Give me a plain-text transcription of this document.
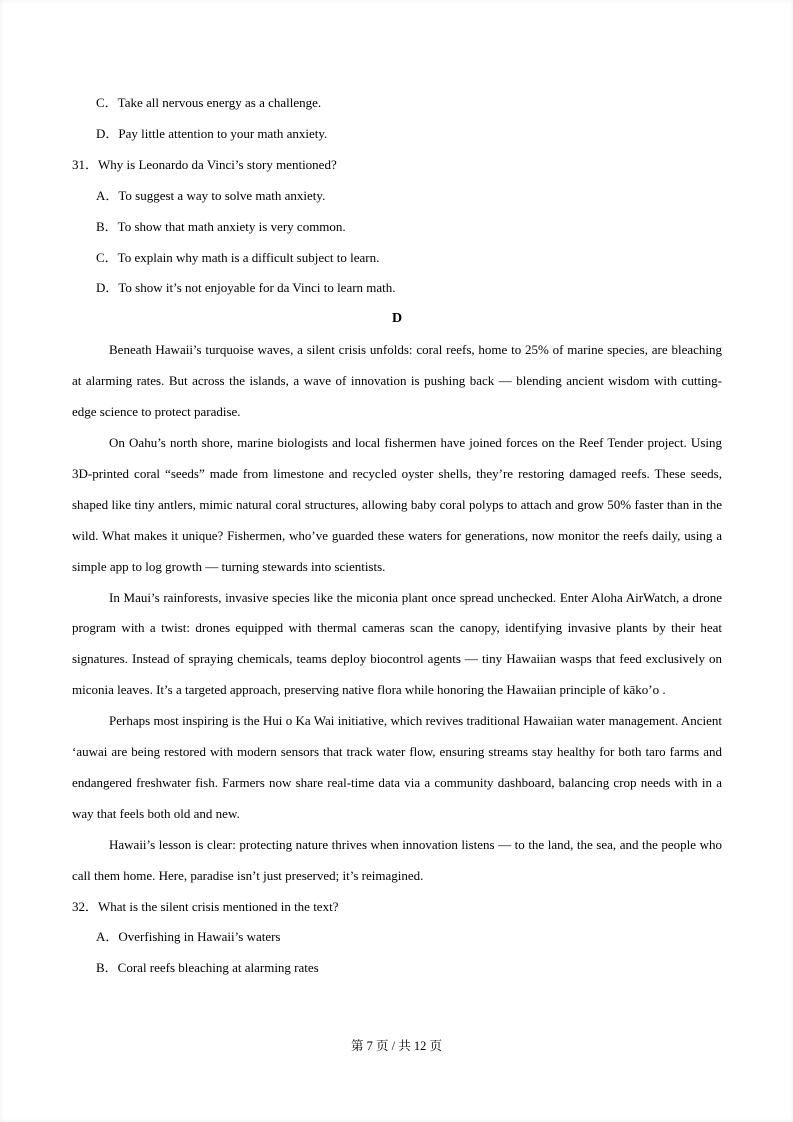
C．Take all nervous energy as a challenge.
D．Pay little attention to your math anxiety.
31．Why is Leonardo da Vinci’s story mentioned?
A．To suggest a way to solve math anxiety.
B．To show that math anxiety is very common.
C．To explain why math is a difficult subject to learn.
D．To show it’s not enjoyable for da Vinci to learn math.
D

Beneath Hawaii’s turquoise waves, a silent crisis unfolds: coral reefs, home to 25% of marine species, are bleaching at alarming rates. But across the islands, a wave of innovation is pushing back — blending ancient wisdom with cutting-edge science to protect paradise.

On Oahu’s north shore, marine biologists and local fishermen have joined forces on the Reef Tender project. Using 3D-printed coral “seeds” made from limestone and recycled oyster shells, they’re restoring damaged reefs. These seeds, shaped like tiny antlers, mimic natural coral structures, allowing baby coral polyps to attach and grow 50% faster than in the wild. What makes it unique? Fishermen, who’ve guarded these waters for generations, now monitor the reefs daily, using a simple app to log growth — turning stewards into scientists.

In Maui’s rainforests, invasive species like the miconia plant once spread unchecked. Enter Aloha AirWatch, a drone program with a twist: drones equipped with thermal cameras scan the canopy, identifying invasive plants by their heat signatures. Instead of spraying chemicals, teams deploy biocontrol agents — tiny Hawaiian wasps that feed exclusively on miconia leaves. It’s a targeted approach, preserving native flora while honoring the Hawaiian principle of kāko’o .

Perhaps most inspiring is the Hui o Ka Wai initiative, which revives traditional Hawaiian water management. Ancient ‘auwai are being restored with modern sensors that track water flow, ensuring streams stay healthy for both taro farms and endangered freshwater fish. Farmers now share real-time data via a community dashboard, balancing crop needs with in a way that feels both old and new.

Hawaii’s lesson is clear: protecting nature thrives when innovation listens — to the land, the sea, and the people who call them home. Here, paradise isn’t just preserved; it’s reimagined.

32．What is the silent crisis mentioned in the text?
A．Overfishing in Hawaii’s waters
B．Coral reefs bleaching at alarming rates
第 7 页 / 共 12 页
